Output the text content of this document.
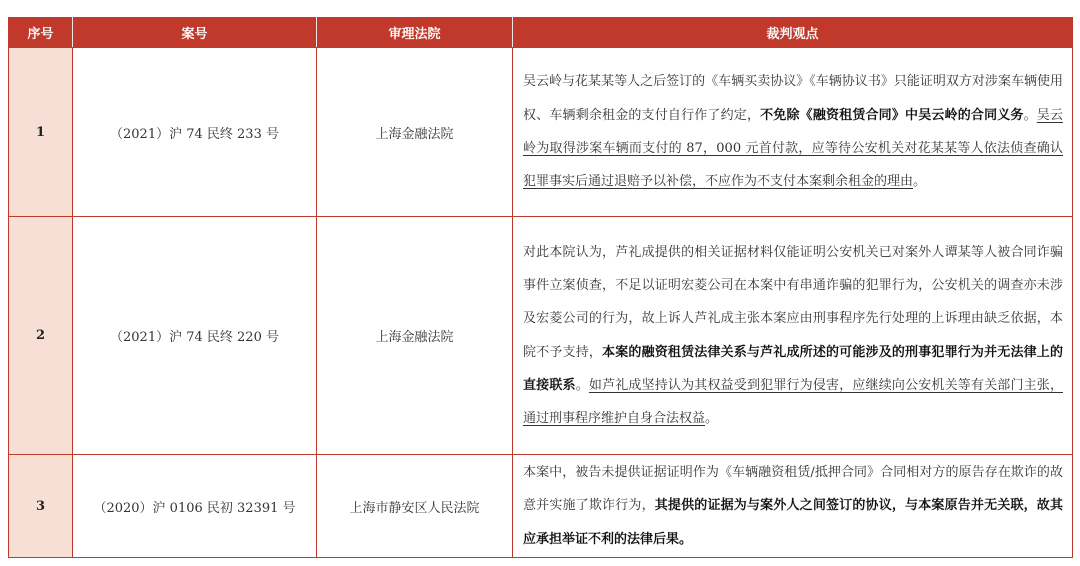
序号	案号	审理法院	裁判观点
1	（2021）沪 74 民终 233 号	上海金融法院	吴云岭与花某某等人之后签订的《车辆买卖协议》《车辆协议书》只能证明双方对涉案车辆使用权、车辆剩余租金的支付自行作了约定，不免除《融资租赁合同》中吴云岭的合同义务。吴云岭为取得涉案车辆而支付的 87，000 元首付款，应等待公安机关对花某某等人依法侦查确认犯罪事实后通过退赔予以补偿，不应作为不支付本案剩余租金的理由。

2	（2021）沪 74 民终 220 号	上海金融法院	对此本院认为，芦礼成提供的相关证据材料仅能证明公安机关已对案外人谭某等人被合同诈骗事件立案侦查，不足以证明宏菱公司在本案中有串通诈骗的犯罪行为，公安机关的调查亦未涉及宏菱公司的行为，故上诉人芦礼成主张本案应由刑事程序先行处理的上诉理由缺乏依据，本院不予支持，本案的融资租赁法律关系与芦礼成所述的可能涉及的刑事犯罪行为并无法律上的直接联系。如芦礼成坚持认为其权益受到犯罪行为侵害，应继续向公安机关等有关部门主张，通过刑事程序维护自身合法权益。

3	（2020）沪 0106 民初 32391 号	上海市静安区人民法院	本案中，被告未提供证据证明作为《车辆融资租赁/抵押合同》合同相对方的原告存在欺诈的故意并实施了欺诈行为，其提供的证据为与案外人之间签订的协议，与本案原告并无关联，故其应承担举证不利的法律后果。
